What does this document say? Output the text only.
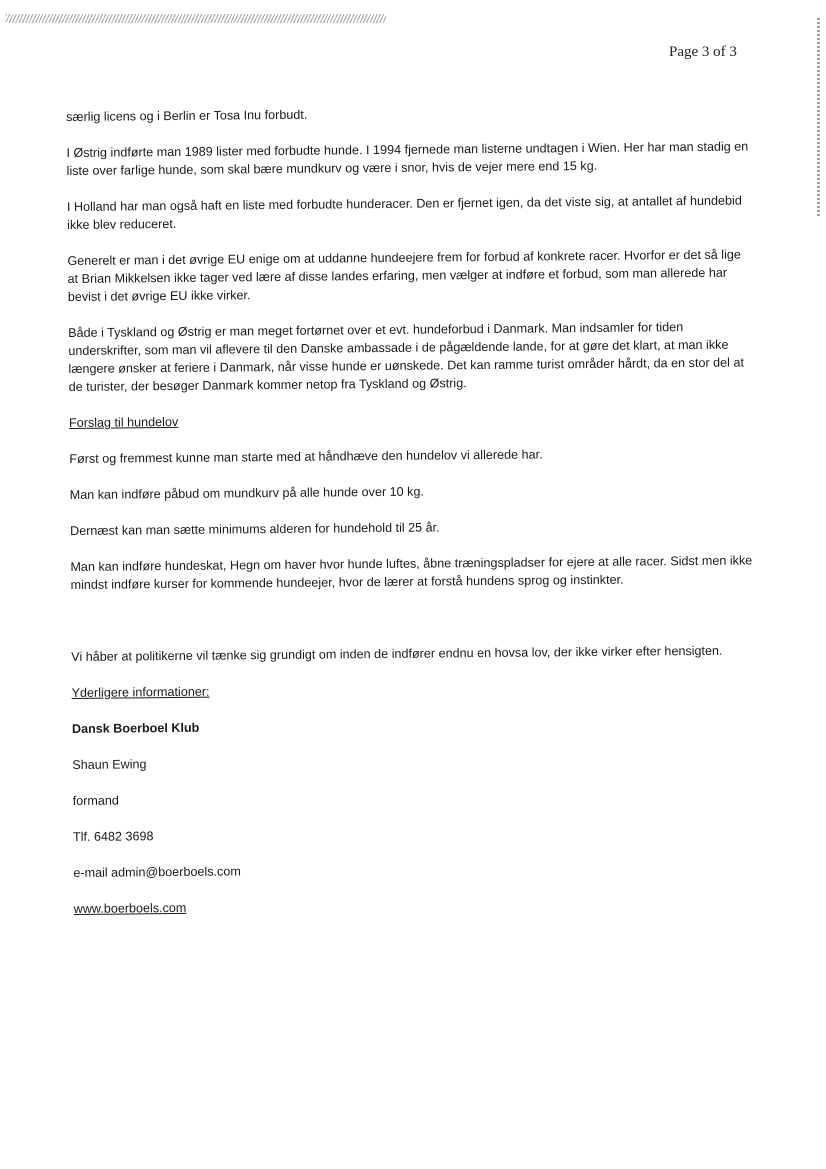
Page 3 of 3

særlig licens og i Berlin er Tosa Inu forbudt.

I Østrig indførte man 1989 lister med forbudte hunde. I 1994 fjernede man listerne undtagen i Wien. Her har man stadig en liste over farlige hunde, som skal bære mundkurv og være i snor, hvis de vejer mere end 15 kg.

I Holland har man også haft en liste med forbudte hunderacer. Den er fjernet igen, da det viste sig, at antallet af hundebid ikke blev reduceret.

Generelt er man i det øvrige EU enige om at uddanne hundeejere frem for forbud af konkrete racer. Hvorfor er det så lige at Brian Mikkelsen ikke tager ved lære af disse landes erfaring, men vælger at indføre et forbud, som man allerede har bevist i det øvrige EU ikke virker.

Både i Tyskland og Østrig er man meget fortørnet over et evt. hundeforbud i Danmark. Man indsamler for tiden underskrifter, som man vil aflevere til den Danske ambassade i de pågældende lande, for at gøre det klart, at man ikke længere ønsker at feriere i Danmark, når visse hunde er uønskede. Det kan ramme turist områder hårdt, da en stor del at de turister, der besøger Danmark kommer netop fra Tyskland og Østrig.

Forslag til hundelov

Først og fremmest kunne man starte med at håndhæve den hundelov vi allerede har.

Man kan indføre påbud om mundkurv på alle hunde over 10 kg.

Dernæst kan man sætte minimums alderen for hundehold til 25 år.

Man kan indføre hundeskat, Hegn om haver hvor hunde luftes, åbne træningspladser for ejere at alle racer. Sidst men ikke mindst indføre kurser for kommende hundeejer, hvor de lærer at forstå hundens sprog og instinkter.

Vi håber at politikerne vil tænke sig grundigt om inden de indfører endnu en hovsa lov, der ikke virker efter hensigten.

Yderligere informationer:

Dansk Boerboel Klub

Shaun Ewing

formand

Tlf. 6482 3698

e-mail admin@boerboels.com

www.boerboels.com
